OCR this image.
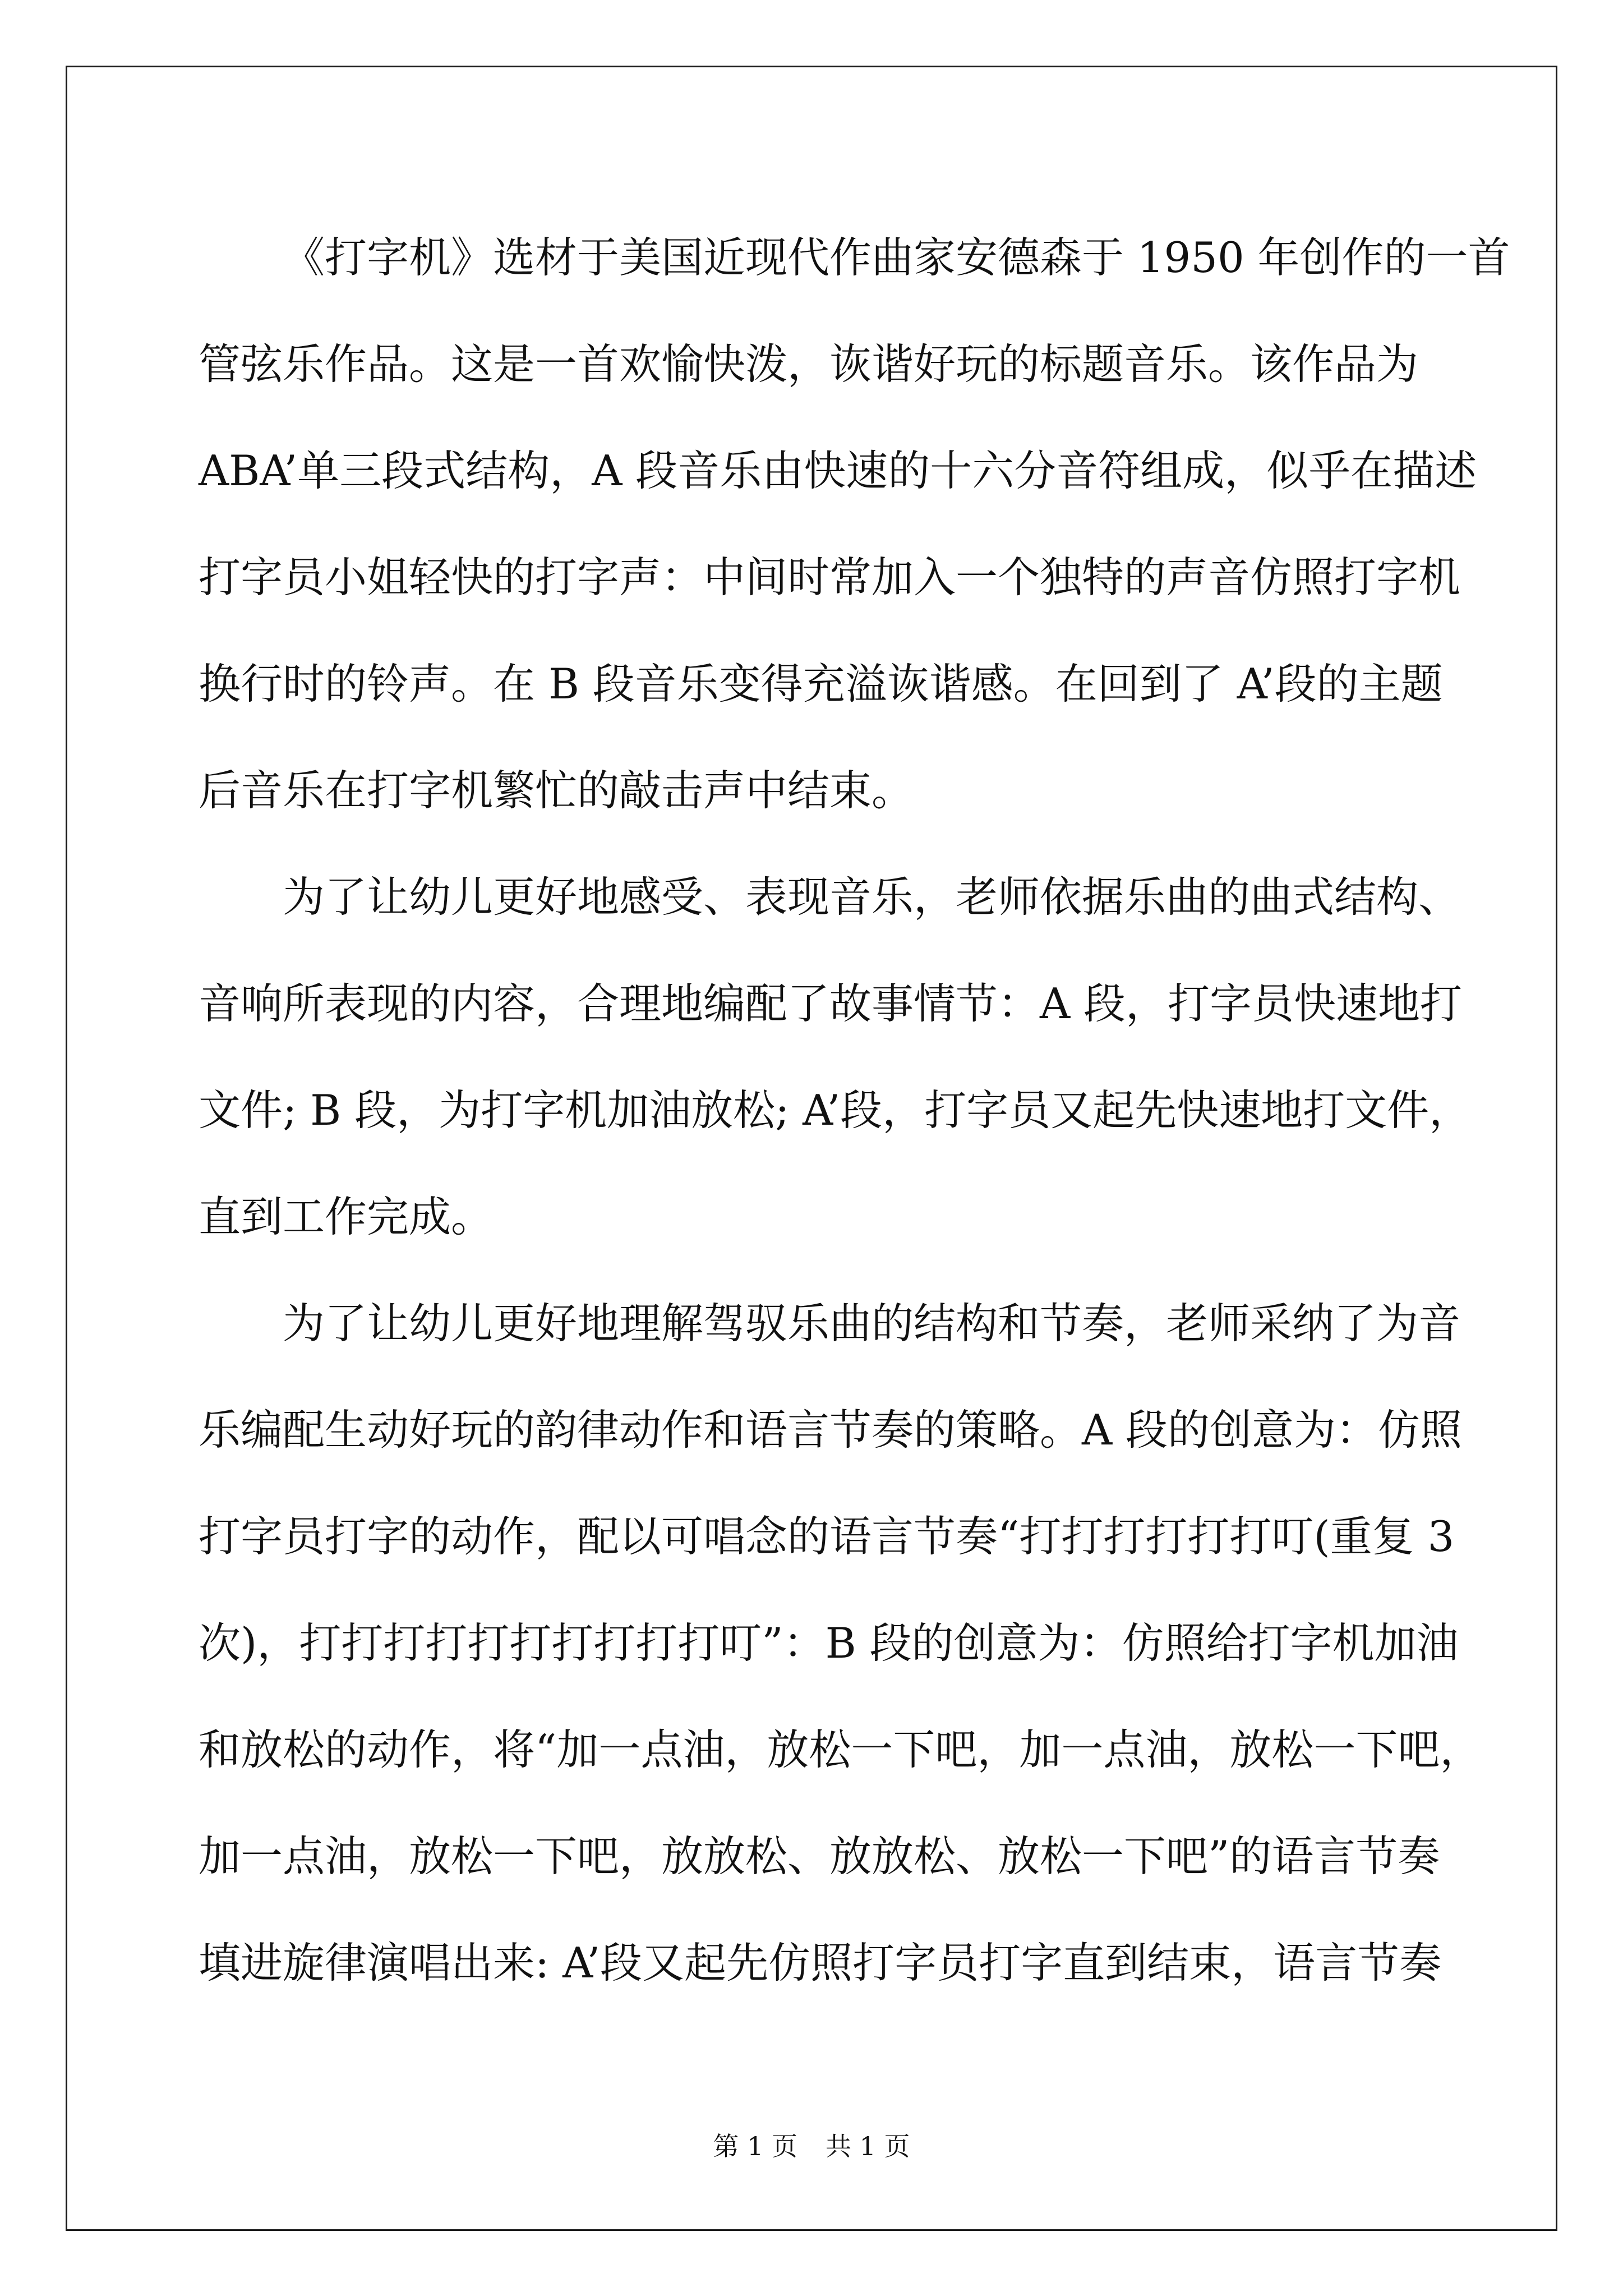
《打字机》选材于美国近现代作曲家安德森于 1950 年创作的一首
管弦乐作品。这是一首欢愉快泼，诙谐好玩的标题音乐。该作品为
ABA’单三段式结构，A 段音乐由快速的十六分音符组成，似乎在描述
打字员小姐轻快的打字声：中间时常加入一个独特的声音仿照打字机
换行时的铃声。在 B 段音乐变得充溢诙谐感。在回到了 A’段的主题
后音乐在打字机繁忙的敲击声中结束。
为了让幼儿更好地感受、表现音乐，老师依据乐曲的曲式结构、
音响所表现的内容，合理地编配了故事情节：A 段，打字员快速地打
文件; B 段，为打字机加油放松; A’段，打字员又起先快速地打文件，
直到工作完成。
为了让幼儿更好地理解驾驭乐曲的结构和节奏，老师采纳了为音
乐编配生动好玩的韵律动作和语言节奏的策略。A 段的创意为：仿照
打字员打字的动作，配以可唱念的语言节奏“打打打打打打叮(重复 3
次)，打打打打打打打打打打叮”：B 段的创意为：仿照给打字机加油
和放松的动作，将“加一点油，放松一下吧，加一点油，放松一下吧，
加一点油，放松一下吧，放放松、放放松、放松一下吧”的语言节奏
填进旋律演唱出来: A’段又起先仿照打字员打字直到结束，语言节奏
第 1 页 共 1 页
